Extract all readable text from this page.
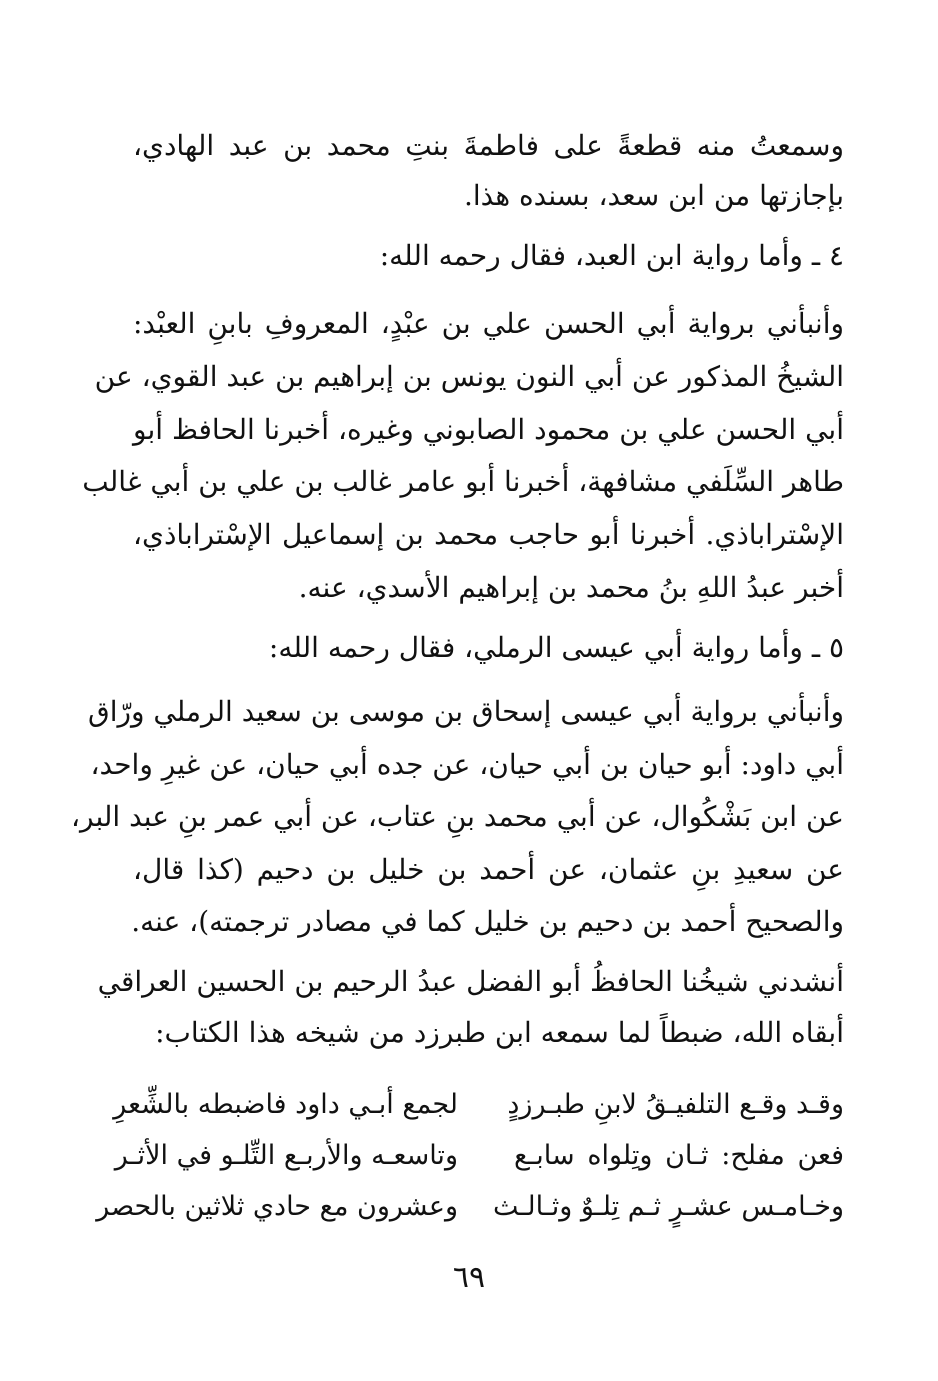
وسمعتُ منه قطعةً على فاطمةَ بنتِ محمد بن عبد الهادي،
بإجازتها من ابن سعد، بسنده هذا.
٤ ـ وأما رواية ابن العبد، فقال رحمه الله:
وأنبأني برواية أبي الحسن علي بن عبْدٍ، المعروفِ بابنِ العبْد:
الشيخُ المذكور عن أبي النون يونس بن إبراهيم بن عبد القوي، عن
أبي الحسن علي بن محمود الصابوني وغيره، أخبرنا الحافظ أبو
طاهر السِّلَفي مشافهة، أخبرنا أبو عامر غالب بن علي بن أبي غالب
الإسْتراباذي. أخبرنا أبو حاجب محمد بن إسماعيل الإسْتراباذي،
أخبر عبدُ اللهِ بنُ محمد بن إبراهيم الأسدي، عنه.
٥ ـ وأما رواية أبي عيسى الرملي، فقال رحمه الله:
وأنبأني برواية أبي عيسى إسحاق بن موسى بن سعيد الرملي ورّاق
أبي داود: أبو حيان بن أبي حيان، عن جده أبي حيان، عن غيرِ واحد،
عن ابن بَشْكُوال، عن أبي محمد بنِ عتاب، عن أبي عمر بنِ عبد البر،
عن سعيدِ بنِ عثمان، عن أحمد بن خليل بن دحيم (كذا قال،
والصحيح أحمد بن دحيم بن خليل كما في مصادر ترجمته)، عنه.
أنشدني شيخُنا الحافظُ أبو الفضل عبدُ الرحيم بن الحسين العراقي
أبقاه الله، ضبطاً لما سمعه ابن طبرزد من شيخه هذا الكتاب:
وقـد وقـع التلفيـقُ لابنِ طبـرزدٍ
لجمع أبـي داود فاضبطه بالشِّعرِ
فعن مفلح: ثـان وتِلواه سابـع
وتاسعـه والأربـع التِّلـو في الأثـر
وخـامـس عشـرٍ ثـم تِلـوٌ وثـالـث
وعشرون مع حادي ثلاثين بالحصر
٦٩
